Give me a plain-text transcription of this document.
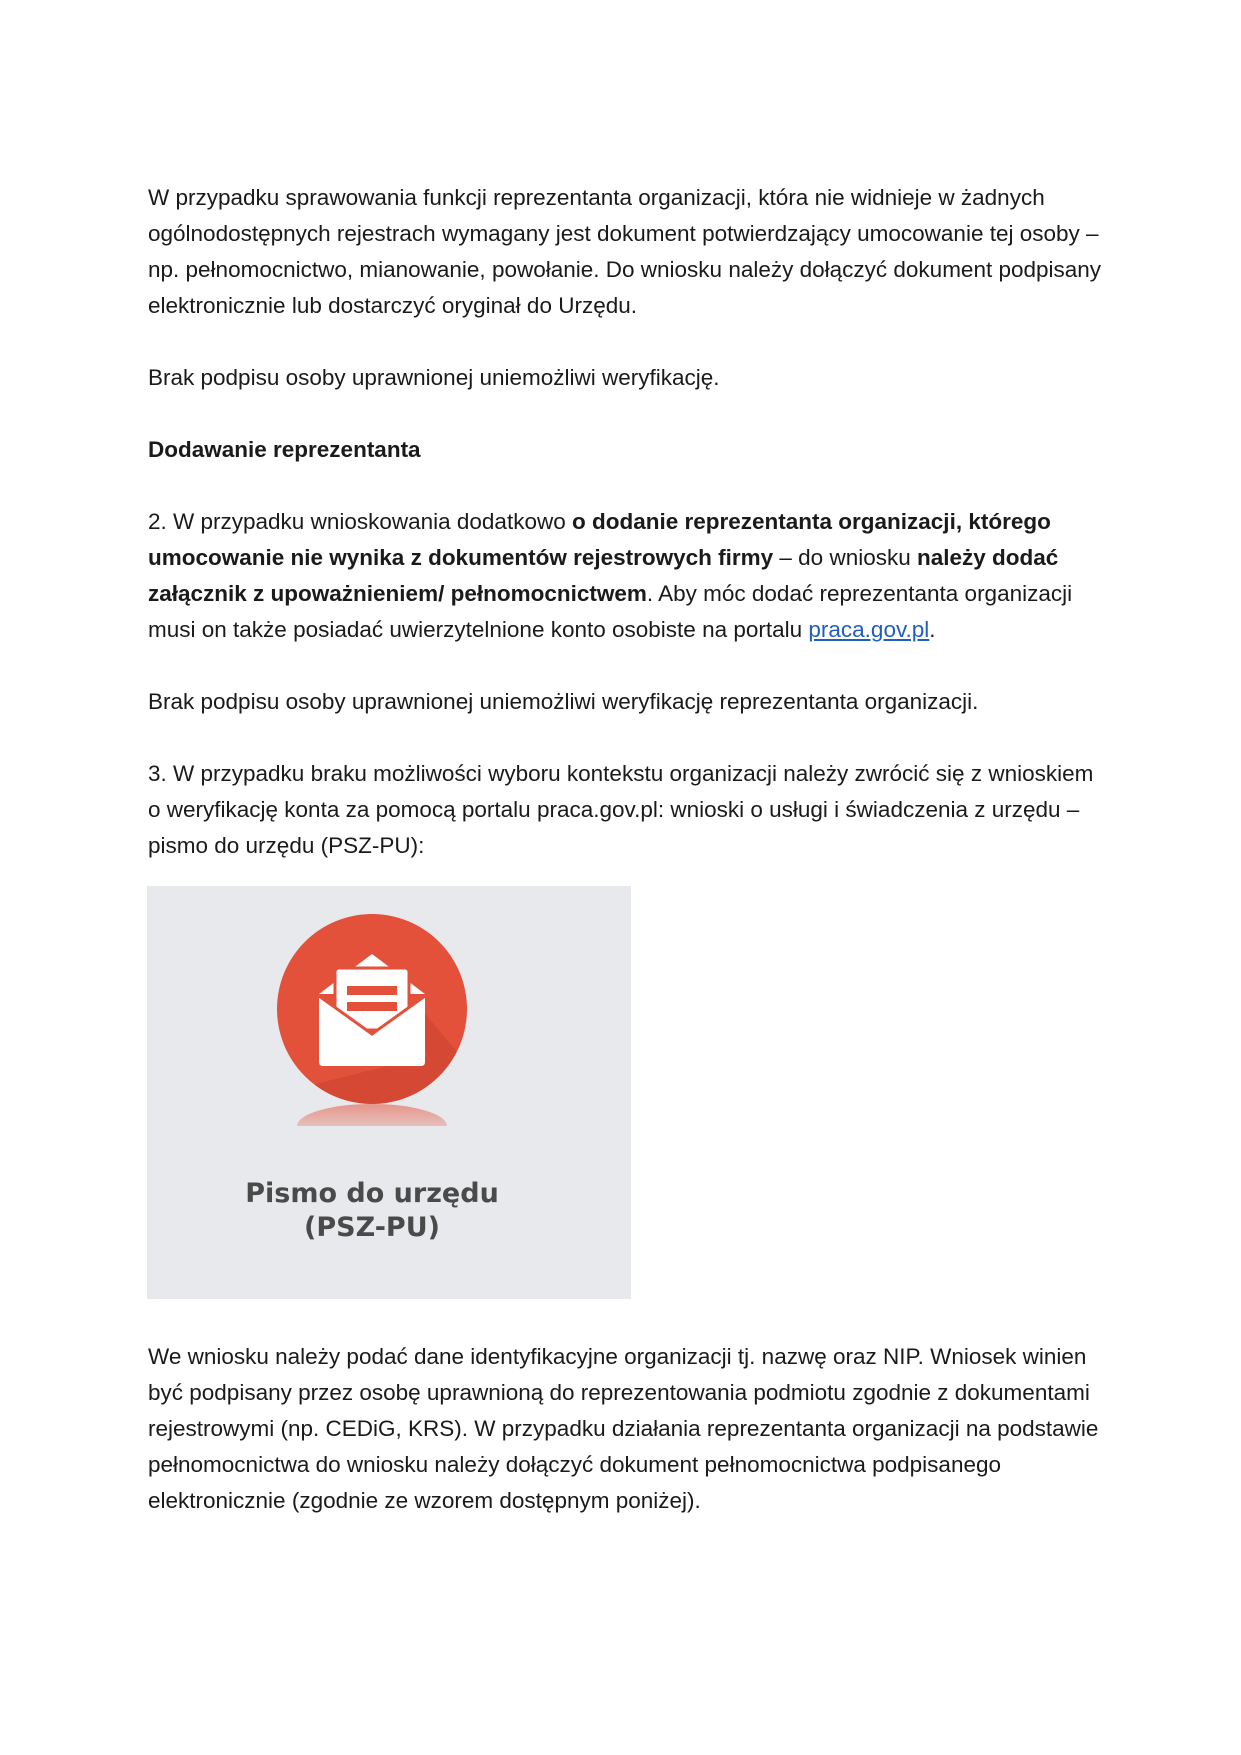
W przypadku sprawowania funkcji reprezentanta organizacji, która nie widnieje w żadnych ogólnodostępnych rejestrach wymagany jest dokument potwierdzający umocowanie tej osoby – np. pełnomocnictwo, mianowanie, powołanie. Do wniosku należy dołączyć dokument podpisany elektronicznie lub dostarczyć oryginał do Urzędu.

Brak podpisu osoby uprawnionej uniemożliwi weryfikację.

Dodawanie reprezentanta

2. W przypadku wnioskowania dodatkowo o dodanie reprezentanta organizacji, którego umocowanie nie wynika z dokumentów rejestrowych firmy – do wniosku należy dodać załącznik z upoważnieniem/ pełnomocnictwem. Aby móc dodać reprezentanta organizacji musi on także posiadać uwierzytelnione konto osobiste na portalu praca.gov.pl.

Brak podpisu osoby uprawnionej uniemożliwi weryfikację reprezentanta organizacji.

3. W przypadku braku możliwości wyboru kontekstu organizacji należy zwrócić się z wnioskiem o weryfikację konta za pomocą portalu praca.gov.pl: wnioski o usługi i świadczenia z urzędu – pismo do urzędu (PSZ-PU):

Pismo do urzędu
(PSZ-PU)

We wniosku należy podać dane identyfikacyjne organizacji tj. nazwę oraz NIP. Wniosek winien być podpisany przez osobę uprawnioną do reprezentowania podmiotu zgodnie z dokumentami rejestrowymi (np. CEDiG, KRS). W przypadku działania reprezentanta organizacji na podstawie pełnomocnictwa do wniosku należy dołączyć dokument pełnomocnictwa podpisanego elektronicznie (zgodnie ze wzorem dostępnym poniżej).
